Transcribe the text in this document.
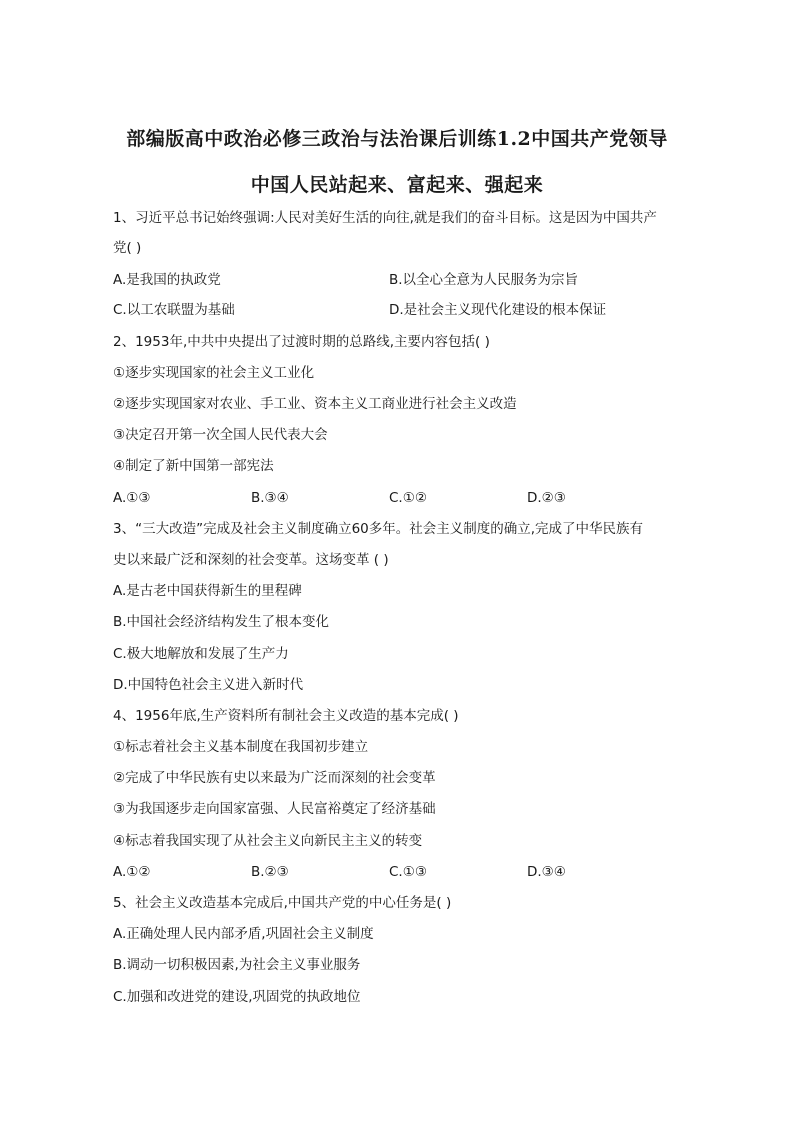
部编版高中政治必修三政治与法治课后训练1.2中国共产党领导
中国人民站起来、富起来、强起来
1、习近平总书记始终强调:人民对美好生活的向往,就是我们的奋斗目标。这是因为中国共产
党( )
A.是我国的执政党	B.以全心全意为人民服务为宗旨
C.以工农联盟为基础	D.是社会主义现代化建设的根本保证
2、1953年,中共中央提出了过渡时期的总路线,主要内容包括( )
①逐步实现国家的社会主义工业化
②逐步实现国家对农业、手工业、资本主义工商业进行社会主义改造
③决定召开第一次全国人民代表大会
④制定了新中国第一部宪法
A.①③	B.③④	C.①②	D.②③
3、“三大改造”完成及社会主义制度确立60多年。社会主义制度的确立,完成了中华民族有
史以来最广泛和深刻的社会变革。这场变革 ( )
A.是古老中国获得新生的里程碑
B.中国社会经济结构发生了根本变化
C.极大地解放和发展了生产力
D.中国特色社会主义进入新时代
4、1956年底,生产资料所有制社会主义改造的基本完成( )
①标志着社会主义基本制度在我国初步建立
②完成了中华民族有史以来最为广泛而深刻的社会变革
③为我国逐步走向国家富强、人民富裕奠定了经济基础
④标志着我国实现了从社会主义向新民主主义的转变
A.①②	B.②③	C.①③	D.③④
5、社会主义改造基本完成后,中国共产党的中心任务是( )
A.正确处理人民内部矛盾,巩固社会主义制度
B.调动一切积极因素,为社会主义事业服务
C.加强和改进党的建设,巩固党的执政地位
